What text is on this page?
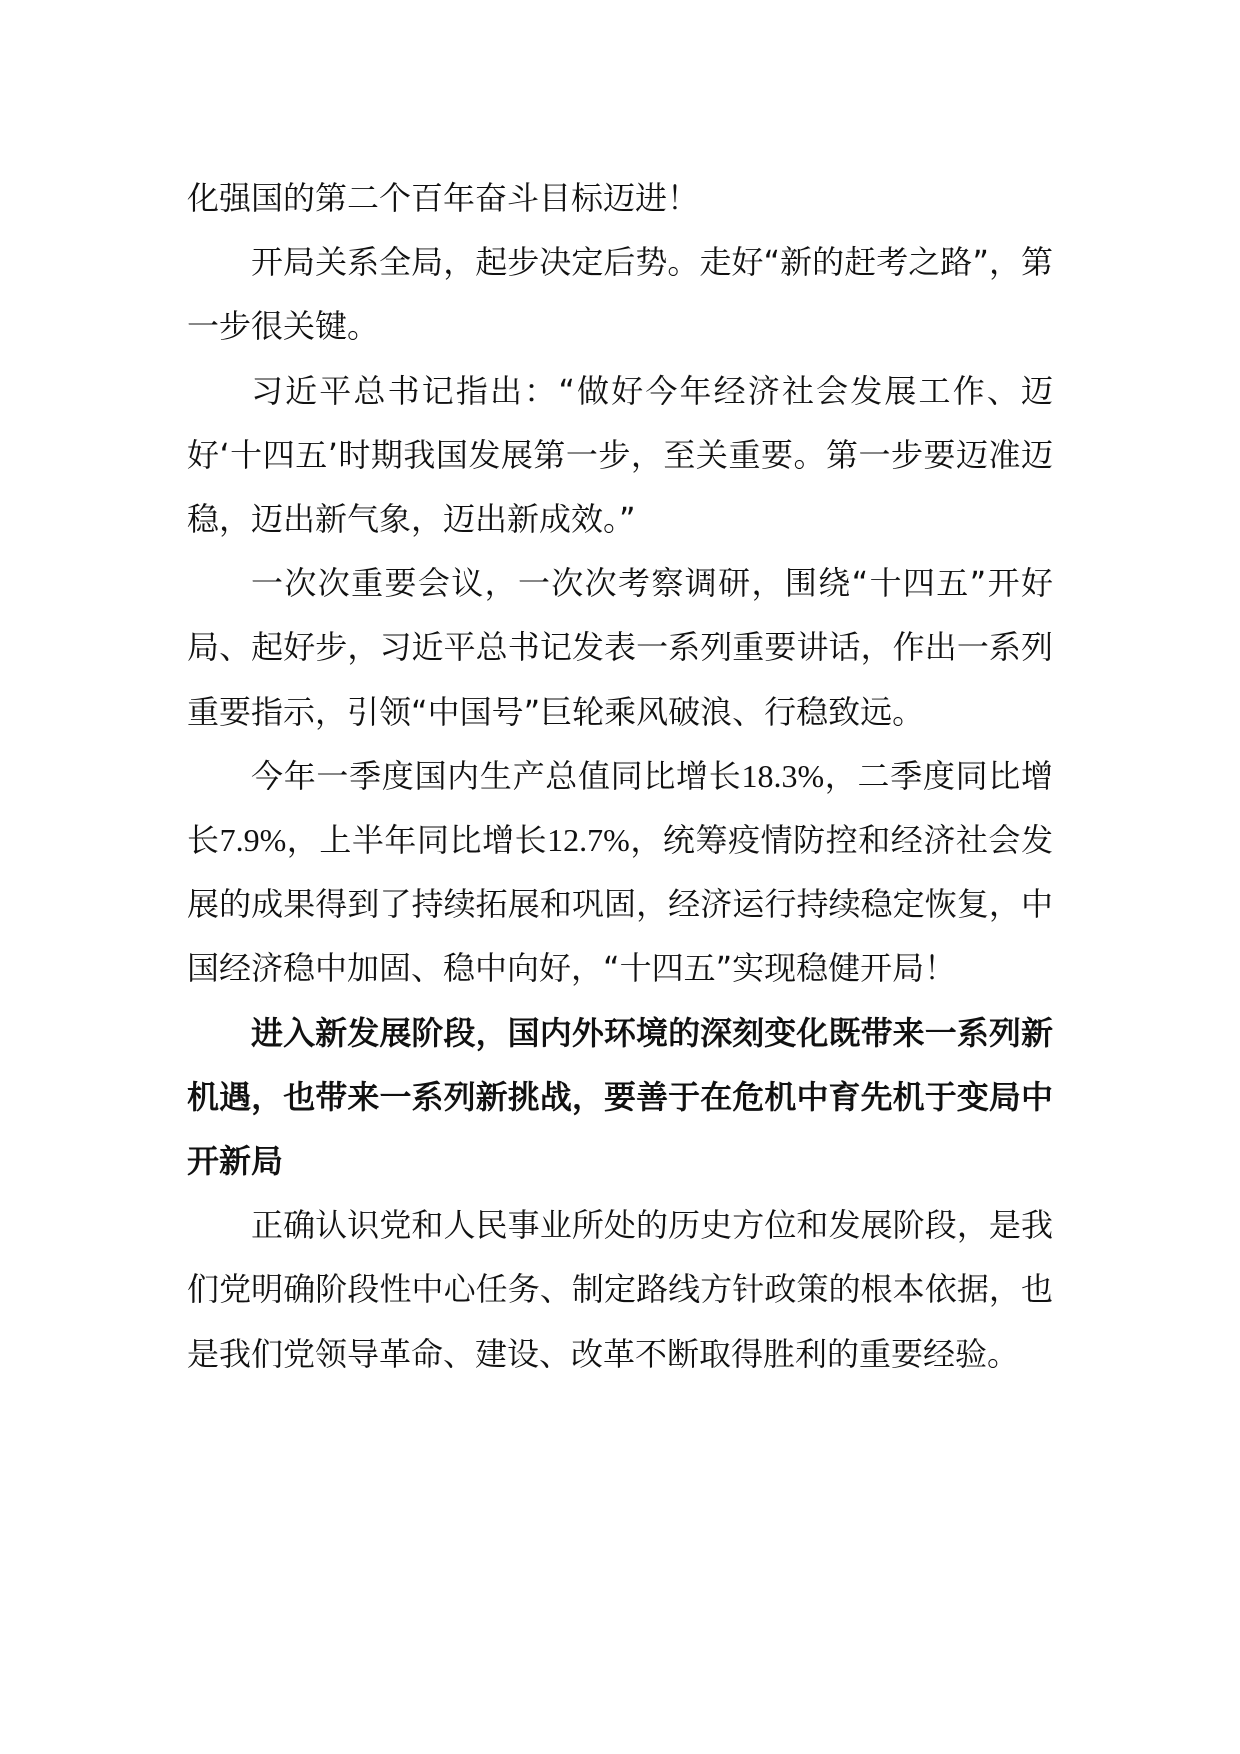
化强国的第二个百年奋斗目标迈进！

开局关系全局，起步决定后势。走好“新的赶考之路”，第一步很关键。

习近平总书记指出：“做好今年经济社会发展工作、迈好‘十四五’时期我国发展第一步，至关重要。第一步要迈准迈稳，迈出新气象，迈出新成效。”

一次次重要会议，一次次考察调研，围绕“十四五”开好局、起好步，习近平总书记发表一系列重要讲话，作出一系列重要指示，引领“中国号”巨轮乘风破浪、行稳致远。

今年一季度国内生产总值同比增长18.3%，二季度同比增长7.9%，上半年同比增长12.7%，统筹疫情防控和经济社会发展的成果得到了持续拓展和巩固，经济运行持续稳定恢复，中国经济稳中加固、稳中向好，“十四五”实现稳健开局！

进入新发展阶段，国内外环境的深刻变化既带来一系列新机遇，也带来一系列新挑战，要善于在危机中育先机于变局中开新局

正确认识党和人民事业所处的历史方位和发展阶段，是我们党明确阶段性中心任务、制定路线方针政策的根本依据，也是我们党领导革命、建设、改革不断取得胜利的重要经验。
